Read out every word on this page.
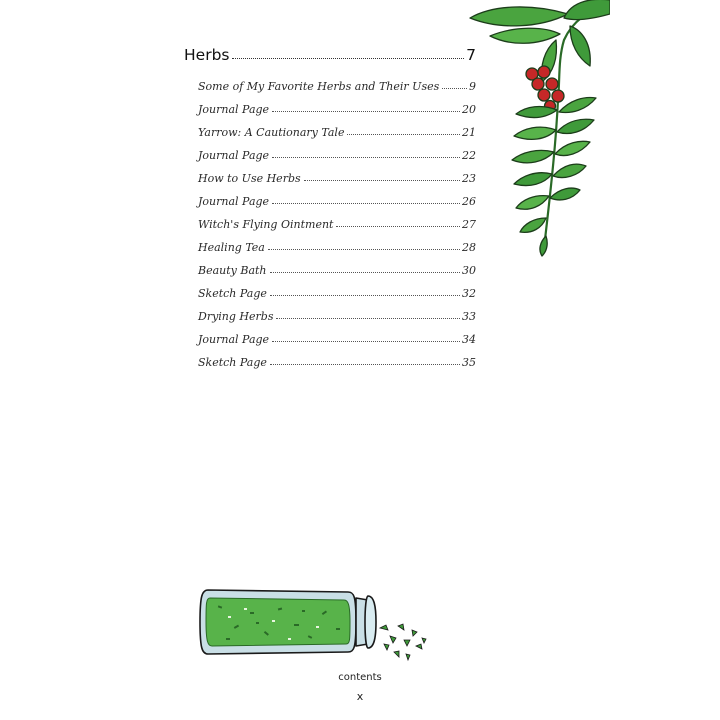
Herbs	7
Some of My Favorite Herbs and Their Uses	9
Journal Page	20
Yarrow: A Cautionary Tale	21
Journal Page	22
How to Use Herbs	23
Journal Page	26
Witch's Flying Ointment	27
Healing Tea	28
Beauty Bath	30
Sketch Page	32
Drying Herbs	33
Journal Page	34
Sketch Page	35
contents
x
